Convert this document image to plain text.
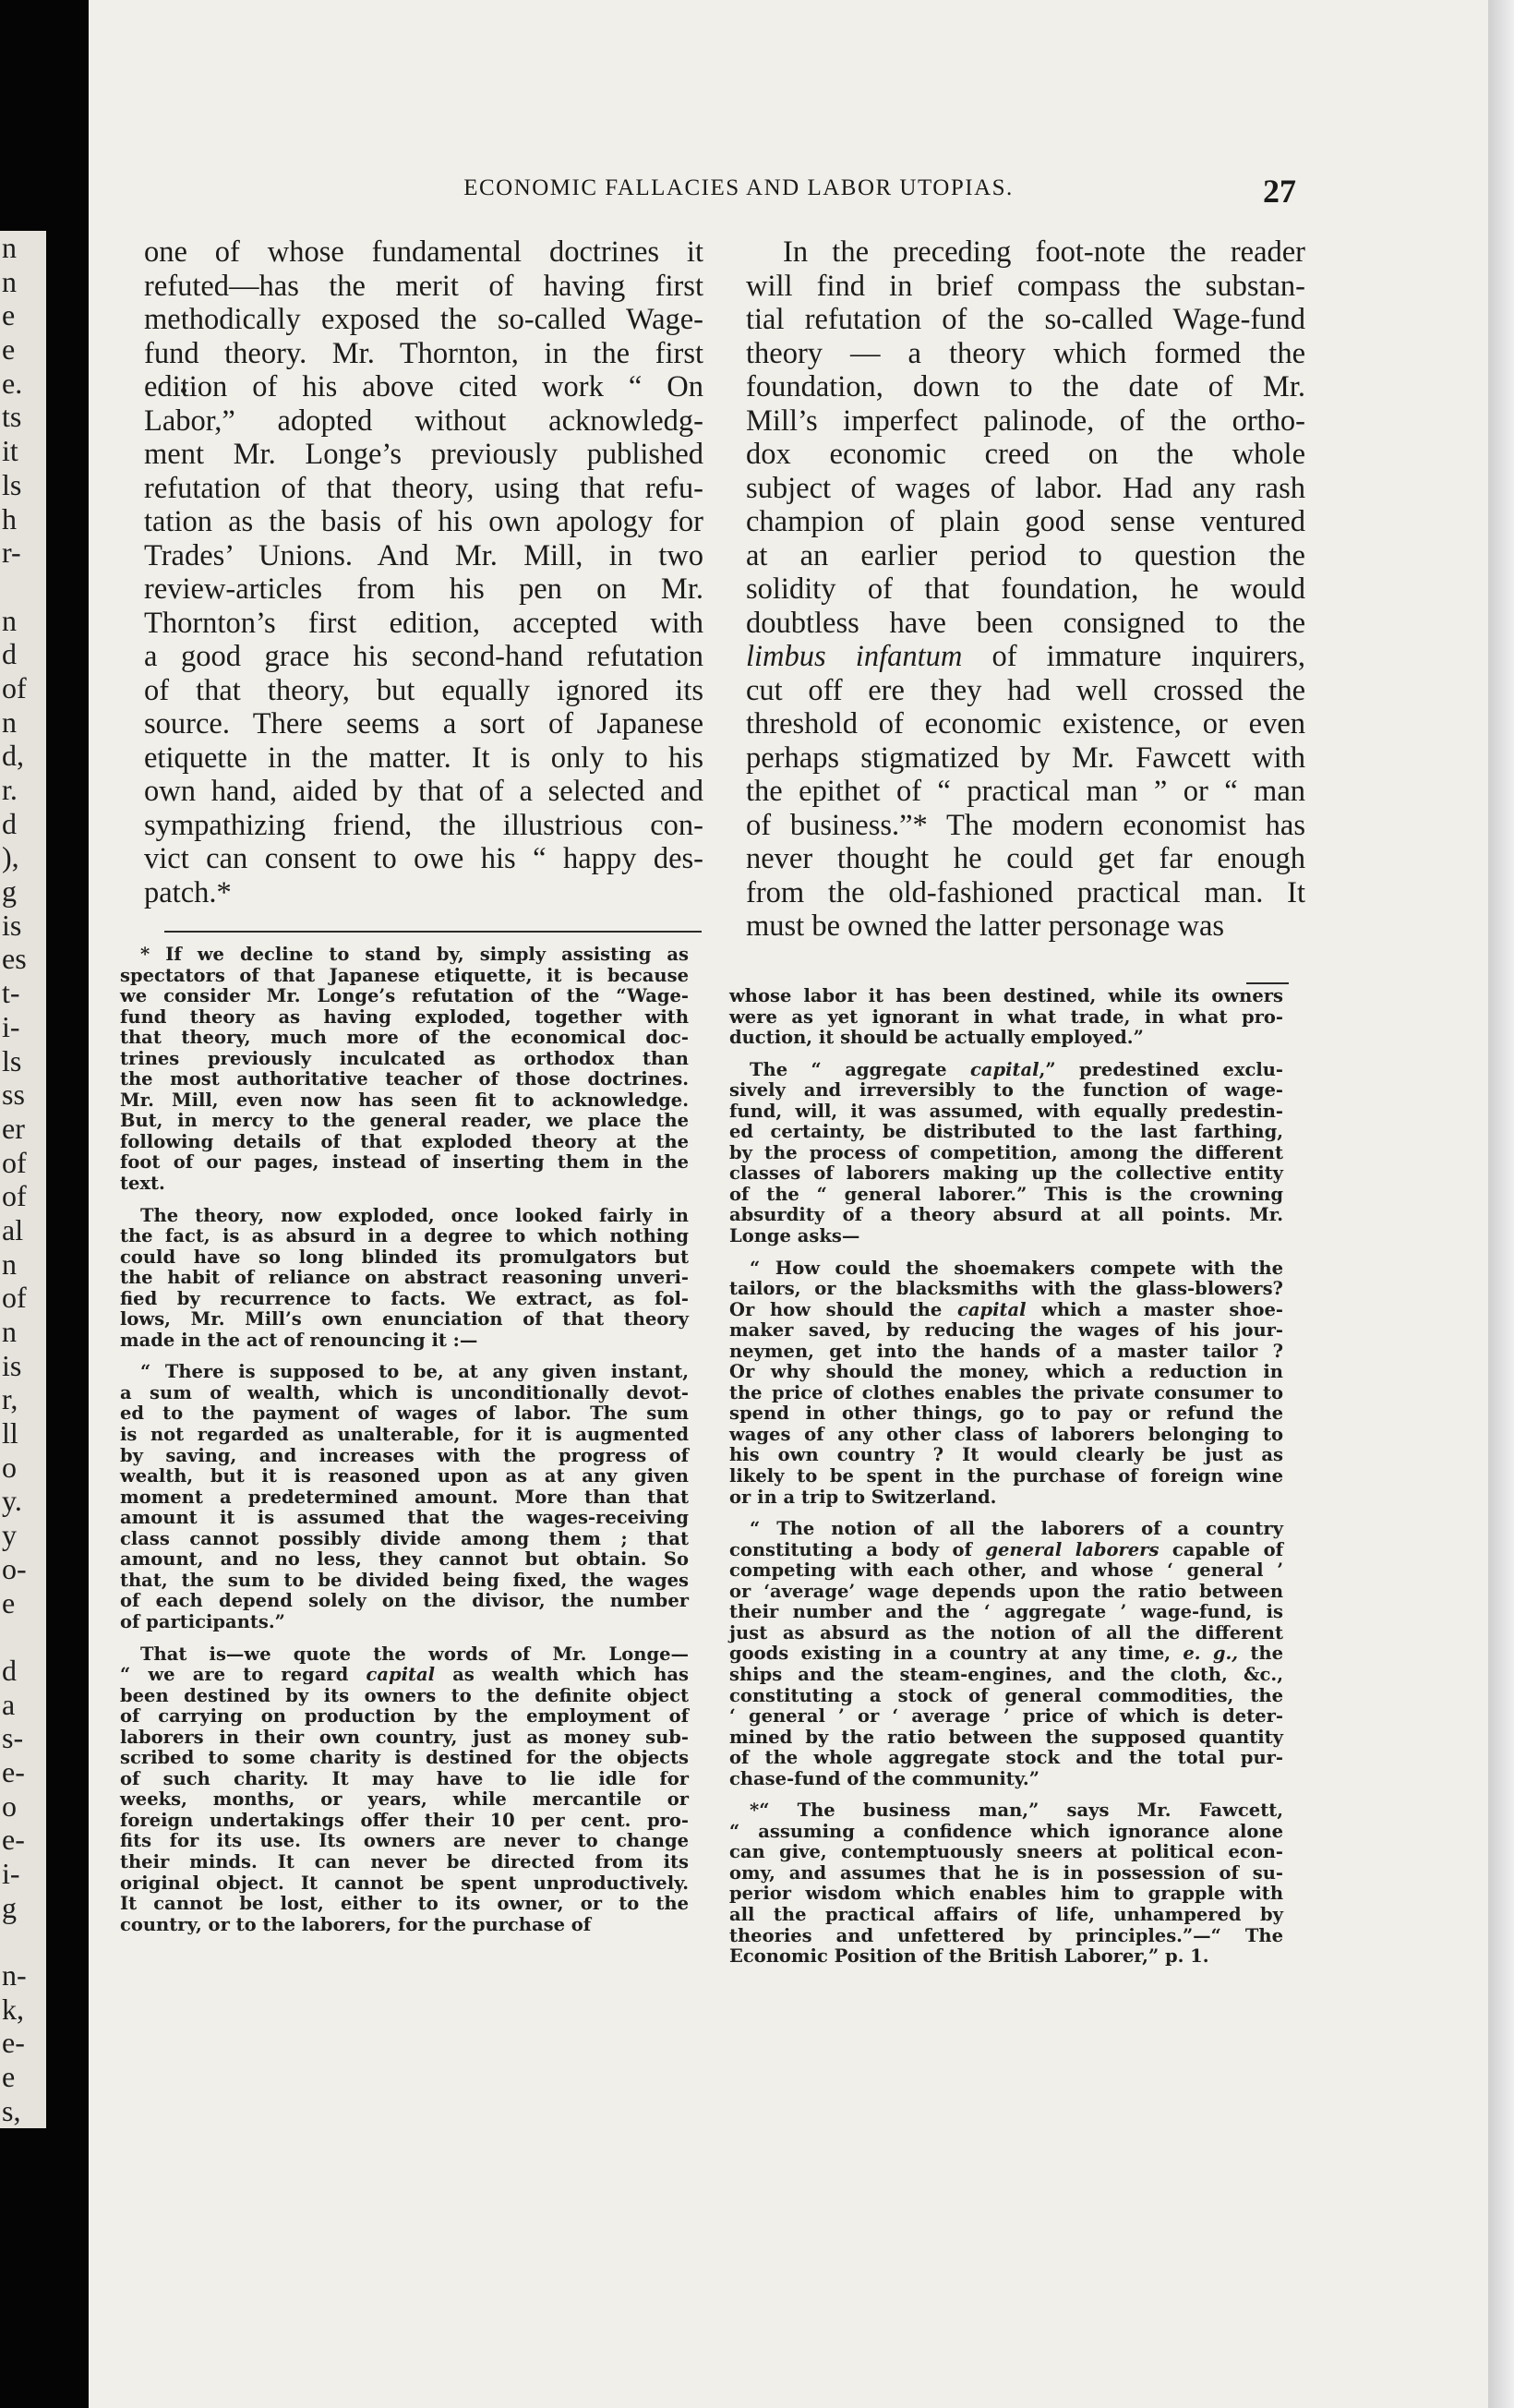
n
n
e
e
e.
ts
it
ls
h
r-
n
d
of
n
d,
r.
d
),
g
is
es
t-
i-
ls
ss
er
of
of
al
n
of
n
is
r,
ll
o
y.
y
o-
e
d
a
s-
e-
o
e-
i-
g
n-
k,
e-
e
s,
ECONOMIC FALLACIES AND LABOR UTOPIAS.	27
one of whose fundamental doctrines it
refuted—has the merit of having first
methodically exposed the so-called Wage-
fund theory. Mr. Thornton, in the first
edition of his above cited work “ On
Labor,” adopted without acknowledg-
ment Mr. Longe’s previously published
refutation of that theory, using that refu-
tation as the basis of his own apology for
Trades’ Unions. And Mr. Mill, in two
review-articles from his pen on Mr.
Thornton’s first edition, accepted with
a good grace his second-hand refutation
of that theory, but equally ignored its
source. There seems a sort of Japanese
etiquette in the matter. It is only to his
own hand, aided by that of a selected and
sympathizing friend, the illustrious con-
vict can consent to owe his “ happy des-
patch.*
In the preceding foot-note the reader
will find in brief compass the substan-
tial refutation of the so-called Wage-fund
theory — a theory which formed the
foundation, down to the date of Mr.
Mill’s imperfect palinode, of the ortho-
dox economic creed on the whole
subject of wages of labor. Had any rash
champion of plain good sense ventured
at an earlier period to question the
solidity of that foundation, he would
doubtless have been consigned to the
limbus infantum of immature inquirers,
cut off ere they had well crossed the
threshold of economic existence, or even
perhaps stigmatized by Mr. Fawcett with
the epithet of “ practical man ” or “ man
of business.”* The modern economist has
never thought he could get far enough
from the old-fashioned practical man. It
must be owned the latter personage was
* If we decline to stand by, simply assisting as
spectators of that Japanese etiquette, it is because
we consider Mr. Longe’s refutation of the “Wage-
fund theory as having exploded, together with
that theory, much more of the economical doc-
trines previously inculcated as orthodox than
the most authoritative teacher of those doctrines.
Mr. Mill, even now has seen fit to acknowledge.
But, in mercy to the general reader, we place the
following details of that exploded theory at the
foot of our pages, instead of inserting them in the
text.
The theory, now exploded, once looked fairly in
the fact, is as absurd in a degree to which nothing
could have so long blinded its promulgators but
the habit of reliance on abstract reasoning unveri-
fied by recurrence to facts. We extract, as fol-
lows, Mr. Mill’s own enunciation of that theory
made in the act of renouncing it :—
“ There is supposed to be, at any given instant,
a sum of wealth, which is unconditionally devot-
ed to the payment of wages of labor. The sum
is not regarded as unalterable, for it is augmented
by saving, and increases with the progress of
wealth, but it is reasoned upon as at any given
moment a predetermined amount. More than that
amount it is assumed that the wages-receiving
class cannot possibly divide among them ; that
amount, and no less, they cannot but obtain. So
that, the sum to be divided being fixed, the wages
of each depend solely on the divisor, the number
of participants.”
That is—we quote the words of Mr. Longe—
“ we are to regard capital as wealth which has
been destined by its owners to the definite object
of carrying on production by the employment of
laborers in their own country, just as money sub-
scribed to some charity is destined for the objects
of such charity. It may have to lie idle for
weeks, months, or years, while mercantile or
foreign undertakings offer their 10 per cent. pro-
fits for its use. Its owners are never to change
their minds. It can never be directed from its
original object. It cannot be spent unproductively.
It cannot be lost, either to its owner, or to the
country, or to the laborers, for the purchase of
whose labor it has been destined, while its owners
were as yet ignorant in what trade, in what pro-
duction, it should be actually employed.”
The “ aggregate capital,” predestined exclu-
sively and irreversibly to the function of wage-
fund, will, it was assumed, with equally predestin-
ed certainty, be distributed to the last farthing,
by the process of competition, among the different
classes of laborers making up the collective entity
of the “ general laborer.” This is the crowning
absurdity of a theory absurd at all points. Mr.
Longe asks—
“ How could the shoemakers compete with the
tailors, or the blacksmiths with the glass-blowers?
Or how should the capital which a master shoe-
maker saved, by reducing the wages of his jour-
neymen, get into the hands of a master tailor ?
Or why should the money, which a reduction in
the price of clothes enables the private consumer to
spend in other things, go to pay or refund the
wages of any other class of laborers belonging to
his own country ? It would clearly be just as
likely to be spent in the purchase of foreign wine
or in a trip to Switzerland.
“ The notion of all the laborers of a country
constituting a body of general laborers capable of
competing with each other, and whose ‘ general ’
or ‘average’ wage depends upon the ratio between
their number and the ‘ aggregate ’ wage-fund, is
just as absurd as the notion of all the different
goods existing in a country at any time, e. g., the
ships and the steam-engines, and the cloth, &c.,
constituting a stock of general commodities, the
‘ general ’ or ‘ average ’ price of which is deter-
mined by the ratio between the supposed quantity
of the whole aggregate stock and the total pur-
chase-fund of the community.”
*“ The business man,” says Mr. Fawcett,
“ assuming a confidence which ignorance alone
can give, contemptuously sneers at political econ-
omy, and assumes that he is in possession of su-
perior wisdom which enables him to grapple with
all the practical affairs of life, unhampered by
theories and unfettered by principles.”—“ The
Economic Position of the British Laborer,” p. 1.
